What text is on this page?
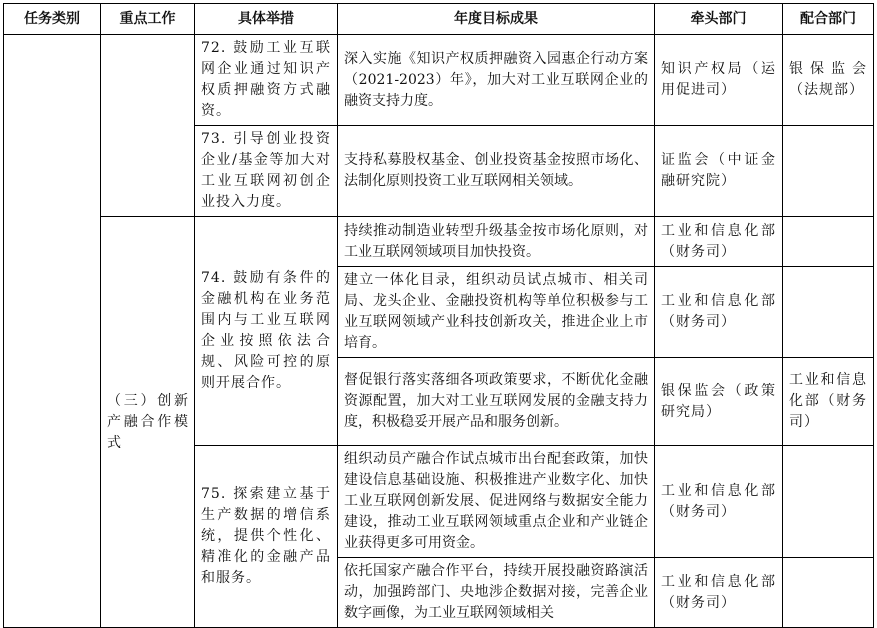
任务类别	重点工作	具体举措	年度目标成果	牵头部门	配合部门
		72. 鼓励工业互联网企业通过知识产权质押融资方式融资。	深入实施《知识产权质押融资入园惠企行动方案（2021-2023）年》，加大对工业互联网企业的融资支持力度。	知识产权局（运用促进司）	银保监会（法规部）
		73. 引导创业投资企业/基金等加大对工业互联网初创企业投入力度。	支持私募股权基金、创业投资基金按照市场化、法制化原则投资工业互联网相关领域。	证监会（中证金融研究院）	
	（三）创新产融合作模式	74. 鼓励有条件的金融机构在业务范围内与工业互联网企业按照依法合规、风险可控的原则开展合作。	持续推动制造业转型升级基金按市场化原则，对工业互联网领域项目加快投资。	工业和信息化部（财务司）	
			建立一体化目录，组织动员试点城市、相关司局、龙头企业、金融投资机构等单位积极参与工业互联网领域产业科技创新攻关，推进企业上市培育。	工业和信息化部（财务司）	
			督促银行落实落细各项政策要求，不断优化金融资源配置，加大对工业互联网发展的金融支持力度，积极稳妥开展产品和服务创新。	银保监会（政策研究局）	工业和信息化部（财务司）
		75. 探索建立基于生产数据的增信系统，提供个性化、精准化的金融产品和服务。	组织动员产融合作试点城市出台配套政策，加快建设信息基础设施、积极推进产业数字化、加快工业互联网创新发展、促进网络与数据安全能力建设，推动工业互联网领域重点企业和产业链企业获得更多可用资金。	工业和信息化部（财务司）	
			依托国家产融合作平台，持续开展投融资路演活动，加强跨部门、央地涉企数据对接，完善企业数字画像，为工业互联网领域相关	工业和信息化部（财务司）	
